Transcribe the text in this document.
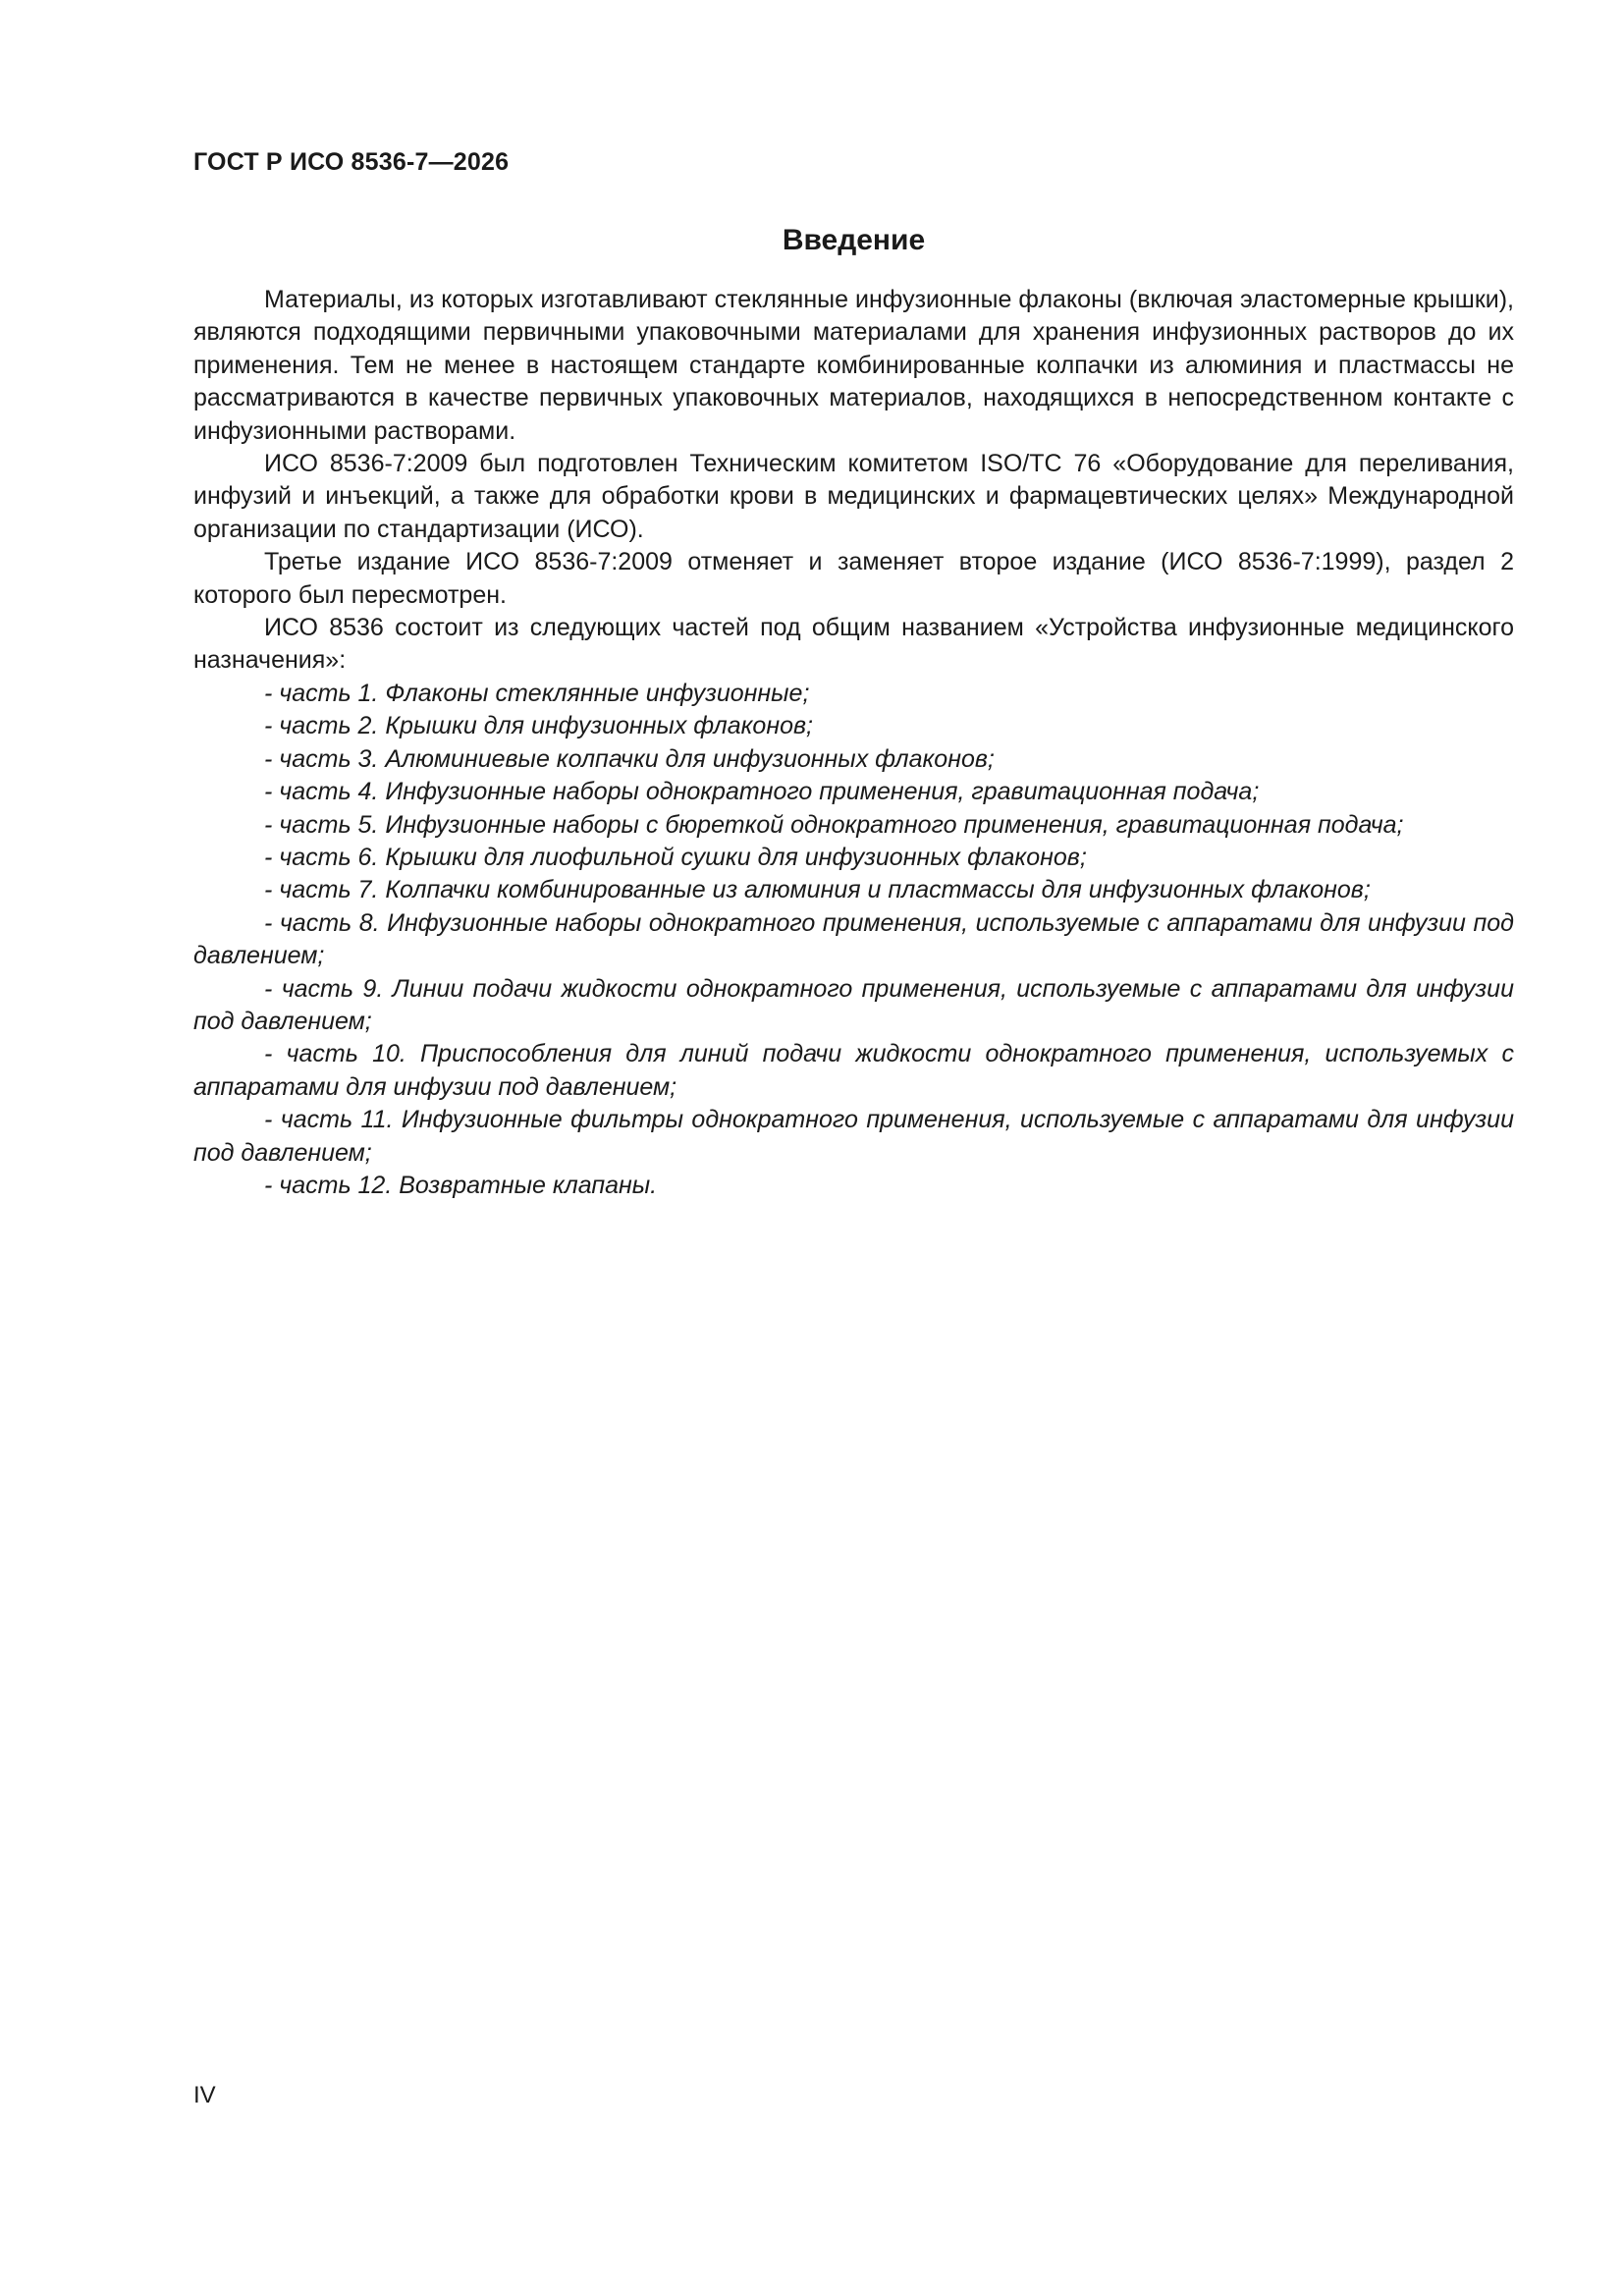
ГОСТ Р ИСО 8536-7—2026
Введение

Материалы, из которых изготавливают стеклянные инфузионные флаконы (включая эластомерные крышки), являются подходящими первичными упаковочными материалами для хранения инфузионных растворов до их применения. Тем не менее в настоящем стандарте комбинированные колпачки из алюминия и пластмассы не рассматриваются в качестве первичных упаковочных материалов, находящихся в непосредственном контакте с инфузионными растворами.

ИСО 8536-7:2009 был подготовлен Техническим комитетом ISO/TC 76 «Оборудование для переливания, инфузий и инъекций, а также для обработки крови в медицинских и фармацевтических целях» Международной организации по стандартизации (ИСО).

Третье издание ИСО 8536-7:2009 отменяет и заменяет второе издание (ИСО 8536-7:1999), раздел 2 которого был пересмотрен.

ИСО 8536 состоит из следующих частей под общим названием «Устройства инфузионные медицинского назначения»:

- часть 1. Флаконы стеклянные инфузионные;

- часть 2. Крышки для инфузионных флаконов;

- часть 3. Алюминиевые колпачки для инфузионных флаконов;

- часть 4. Инфузионные наборы однократного применения, гравитационная подача;

- часть 5. Инфузионные наборы с бюреткой однократного применения, гравитационная подача;

- часть 6. Крышки для лиофильной сушки для инфузионных флаконов;

- часть 7. Колпачки комбинированные из алюминия и пластмассы для инфузионных флаконов;

- часть 8. Инфузионные наборы однократного применения, используемые с аппаратами для инфузии под давлением;

- часть 9. Линии подачи жидкости однократного применения, используемые с аппаратами для инфузии под давлением;

- часть 10. Приспособления для линий подачи жидкости однократного применения, используемых с аппаратами для инфузии под давлением;

- часть 11. Инфузионные фильтры однократного применения, используемые с аппаратами для инфузии под давлением;

- часть 12. Возвратные клапаны.

IV
